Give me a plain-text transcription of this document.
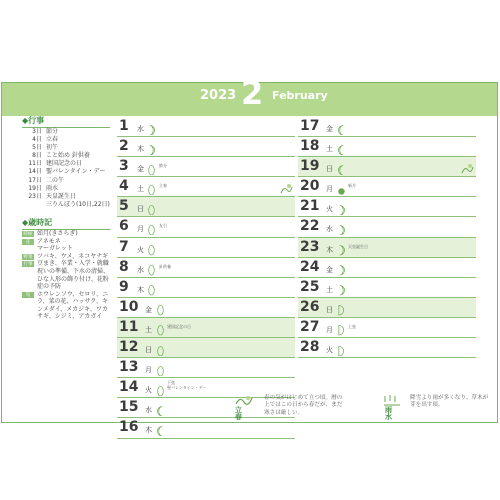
2023 2 February
◆行事
3日 節分
4日 立春
5日 初午
8日 こと始め 針供養
11日 建国記念の日
14日 聖バレンタイン・デー
17日 二の午
19日 雨水
23日 天皇誕生日
三りんぼう(10日,22日)
◆歳時記
時候 如月(きさらぎ)
花	アネモネ
マーガレット
野菜 ツバキ、ウメ、ネコヤナギ
行事 豆まき、卒業・入学・就職祝いの準備、下水の清掃、ひな人形の飾り付け、花粉症の予防
旬	ホウレンソウ、セロリ、ニラ、菜の花、ハッサク、キンメダイ、メカジキ、ワカサギ、シジミ、アカガイ
1 水
2 木
3 金	節分
4 土	立春
5 日
6 月	友引
7 火
8 水	針供養
9 木
10 金
11 土	建国記念の日
12 日
13 月
14 火
下弦
聖バレンタイン・デー
15 水
16 木
17 金
18 土
19 日
20 月	新月
21 火
22 水
23 木	天皇誕生日
24 金
25 土
26 日
27 月	上弦
28 火
立春
春の気がはじめて立つ頃。暦の上ではこの日から春だが、まだ寒さは厳しい。	雨水
降雪より雨が多くなり、草木が芽を出す頃。
